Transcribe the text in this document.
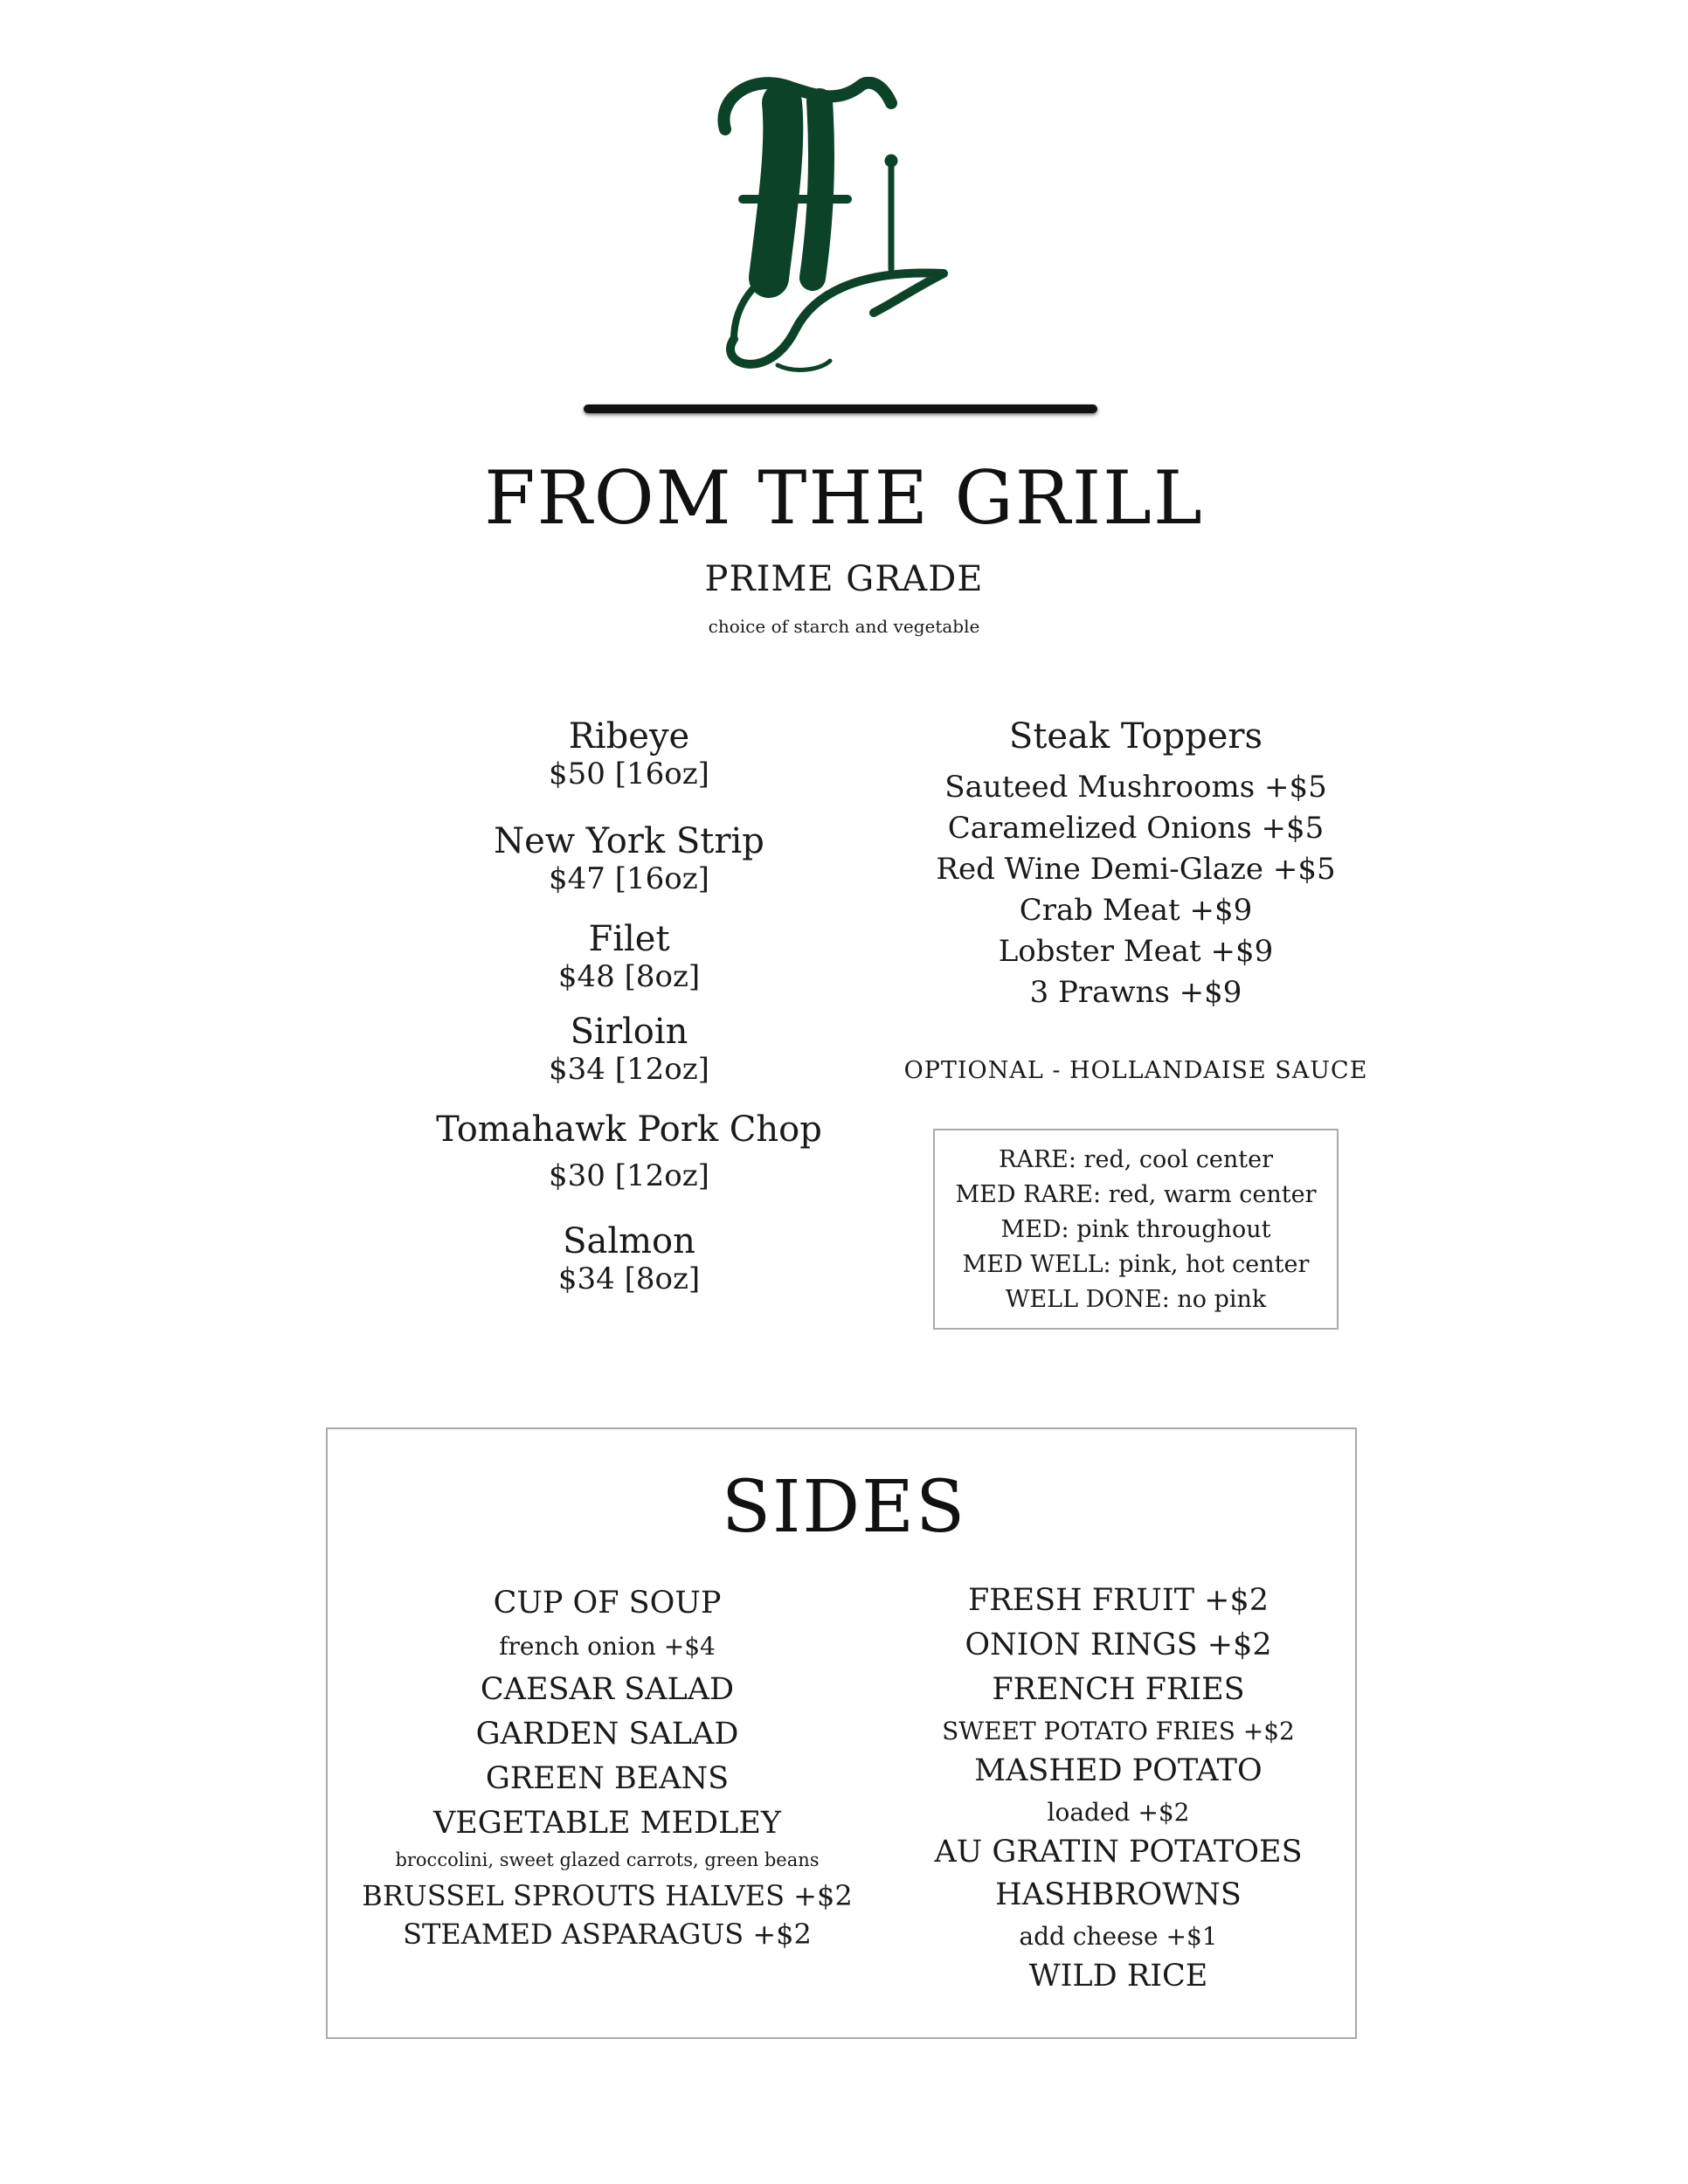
FROM THE GRILL
PRIME GRADE
choice of starch and vegetable
Ribeye
$50 [16oz]
New York Strip
$47 [16oz]
Filet
$48 [8oz]
Sirloin
$34 [12oz]
Tomahawk Pork Chop
$30 [12oz]
Salmon
$34 [8oz]
Steak Toppers
Sauteed Mushrooms +$5
Caramelized Onions +$5
Red Wine Demi-Glaze +$5
Crab Meat +$9
Lobster Meat +$9
3 Prawns +$9
OPTIONAL - HOLLANDAISE SAUCE
RARE: red, cool center
MED RARE: red, warm center
MED: pink throughout
MED WELL: pink, hot center
WELL DONE: no pink
SIDES
CUP OF SOUP
french onion +$4
CAESAR SALAD
GARDEN SALAD
GREEN BEANS
VEGETABLE MEDLEY
broccolini, sweet glazed carrots, green beans
BRUSSEL SPROUTS HALVES +$2
STEAMED ASPARAGUS +$2
FRESH FRUIT +$2
ONION RINGS +$2
FRENCH FRIES
SWEET POTATO FRIES +$2
MASHED POTATO
loaded +$2
AU GRATIN POTATOES
HASHBROWNS
add cheese +$1
WILD RICE
